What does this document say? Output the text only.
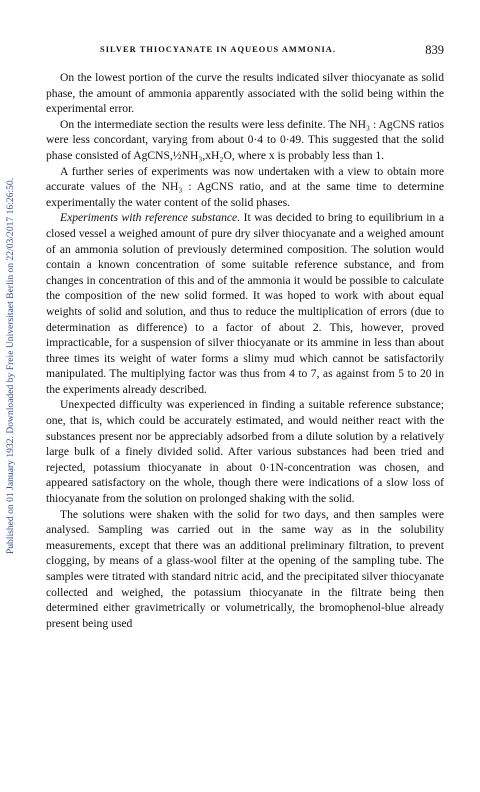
Published on 01 January 1932. Downloaded by Freie Universitaet Berlin on 22/03/2017 16:26:50.
SILVER THIOCYANATE IN AQUEOUS AMMONIA.	839

On the lowest portion of the curve the results indicated silver thiocyanate as solid phase, the amount of ammonia apparently associated with the solid being within the experimental error.

On the intermediate section the results were less definite. The NH₃ : AgCNS ratios were less concordant, varying from about 0·4 to 0·49. This suggested that the solid phase consisted of AgCNS,½NH₃,xH₂O, where x is probably less than 1.

A further series of experiments was now undertaken with a view to obtain more accurate values of the NH₃ : AgCNS ratio, and at the same time to determine experimentally the water content of the solid phases.

Experiments with reference substance. It was decided to bring to equilibrium in a closed vessel a weighed amount of pure dry silver thiocyanate and a weighed amount of an ammonia solution of previously determined composition. The solution would contain a known concentration of some suitable reference substance, and from changes in concentration of this and of the ammonia it would be possible to calculate the composition of the new solid formed. It was hoped to work with about equal weights of solid and solution, and thus to reduce the multiplication of errors (due to determination as difference) to a factor of about 2. This, however, proved impracticable, for a suspension of silver thiocyanate or its ammine in less than about three times its weight of water forms a slimy mud which cannot be satisfactorily manipulated. The multiplying factor was thus from 4 to 7, as against from 5 to 20 in the experiments already described.

Unexpected difficulty was experienced in finding a suitable reference substance; one, that is, which could be accurately estimated, and would neither react with the substances present nor be appreciably adsorbed from a dilute solution by a relatively large bulk of a finely divided solid. After various substances had been tried and rejected, potassium thiocyanate in about 0·1N-concentration was chosen, and appeared satisfactory on the whole, though there were indications of a slow loss of thiocyanate from the solution on prolonged shaking with the solid.

The solutions were shaken with the solid for two days, and then samples were analysed. Sampling was carried out in the same way as in the solubility measurements, except that there was an additional preliminary filtration, to prevent clogging, by means of a glass-wool filter at the opening of the sampling tube. The samples were titrated with standard nitric acid, and the precipitated silver thiocyanate collected and weighed, the potassium thiocyanate in the filtrate being then determined either gravimetrically or volumetrically, the bromophenol-blue already present being used
